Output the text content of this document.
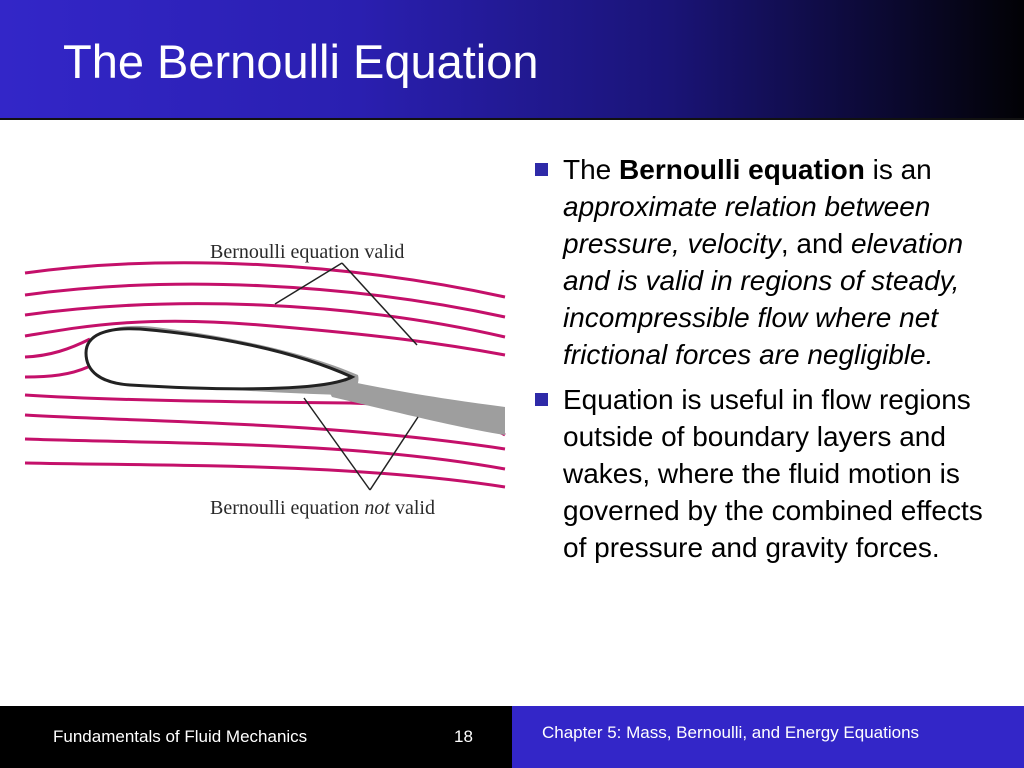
The Bernoulli Equation
Bernoulli equation valid
Bernoulli equation not valid
The Bernoulli equation is an approximate relation between pressure, velocity, and elevation and is valid in regions of steady, incompressible flow where net frictional forces are negligible.
Equation is useful in flow regions outside of boundary layers and wakes, where the fluid motion is governed by the combined effects of pressure and gravity forces.
Fundamentals of Fluid Mechanics	18	Chapter 5: Mass, Bernoulli, and Energy Equations
